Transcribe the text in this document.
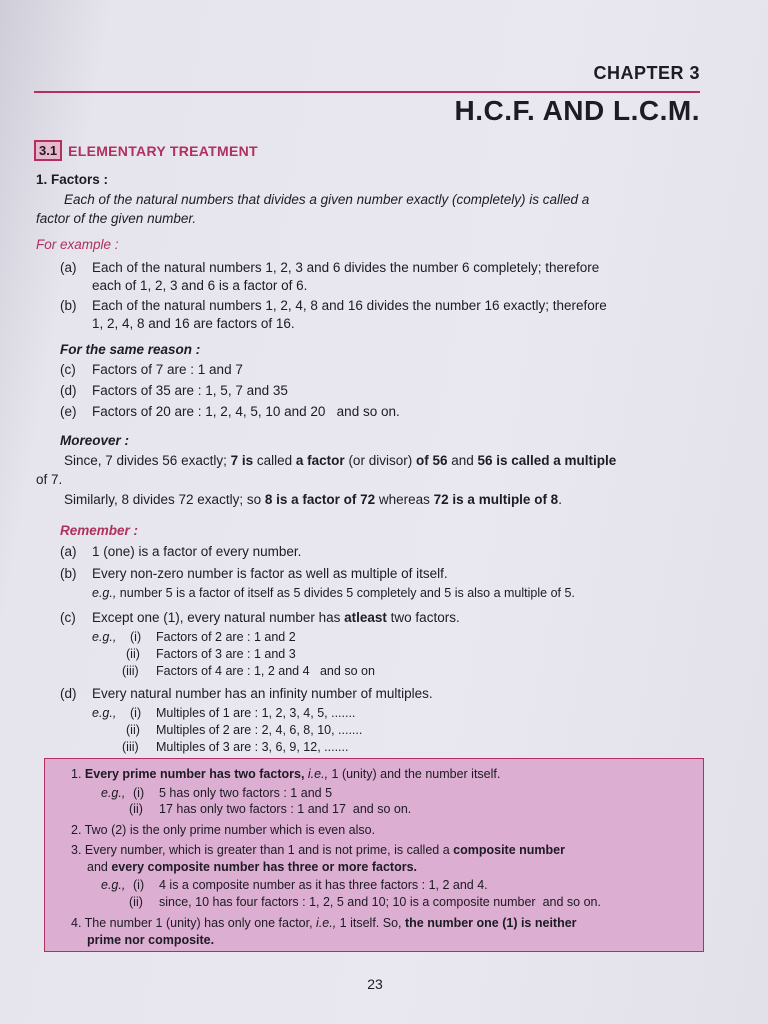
CHAPTER 3
H.C.F. AND L.C.M.
3.1 ELEMENTARY TREATMENT
1. Factors :
Each of the natural numbers that divides a given number exactly (completely) is called a
factor of the given number.
For example :
(a) Each of the natural numbers 1, 2, 3 and 6 divides the number 6 completely; therefore
each of 1, 2, 3 and 6 is a factor of 6.
(b) Each of the natural numbers 1, 2, 4, 8 and 16 divides the number 16 exactly; therefore
1, 2, 4, 8 and 16 are factors of 16.
For the same reason :
(c) Factors of 7 are : 1 and 7
(d) Factors of 35 are : 1, 5, 7 and 35
(e) Factors of 20 are : 1, 2, 4, 5, 10 and 20 and so on.
Moreover :
Since, 7 divides 56 exactly; 7 is called a factor (or divisor) of 56 and 56 is called a multiple
of 7.
Similarly, 8 divides 72 exactly; so 8 is a factor of 72 whereas 72 is a multiple of 8.
Remember :
(a) 1 (one) is a factor of every number.
(b) Every non-zero number is factor as well as multiple of itself.
e.g., number 5 is a factor of itself as 5 divides 5 completely and 5 is also a multiple of 5.
(c) Except one (1), every natural number has atleast two factors.
e.g., (i) Factors of 2 are : 1 and 2
(ii) Factors of 3 are : 1 and 3
(iii) Factors of 4 are : 1, 2 and 4 and so on
(d) Every natural number has an infinity number of multiples.
e.g., (i) Multiples of 1 are : 1, 2, 3, 4, 5, .......
(ii) Multiples of 2 are : 2, 4, 6, 8, 10, .......
(iii) Multiples of 3 are : 3, 6, 9, 12, .......
1. Every prime number has two factors, i.e., 1 (unity) and the number itself.
e.g., (i) 5 has only two factors : 1 and 5
(ii) 17 has only two factors : 1 and 17 and so on.
2. Two (2) is the only prime number which is even also.
3. Every number, which is greater than 1 and is not prime, is called a composite number
and every composite number has three or more factors.
e.g., (i) 4 is a composite number as it has three factors : 1, 2 and 4.
(ii) since, 10 has four factors : 1, 2, 5 and 10; 10 is a composite number and so on.
4. The number 1 (unity) has only one factor, i.e., 1 itself. So, the number one (1) is neither
prime nor composite.
23
